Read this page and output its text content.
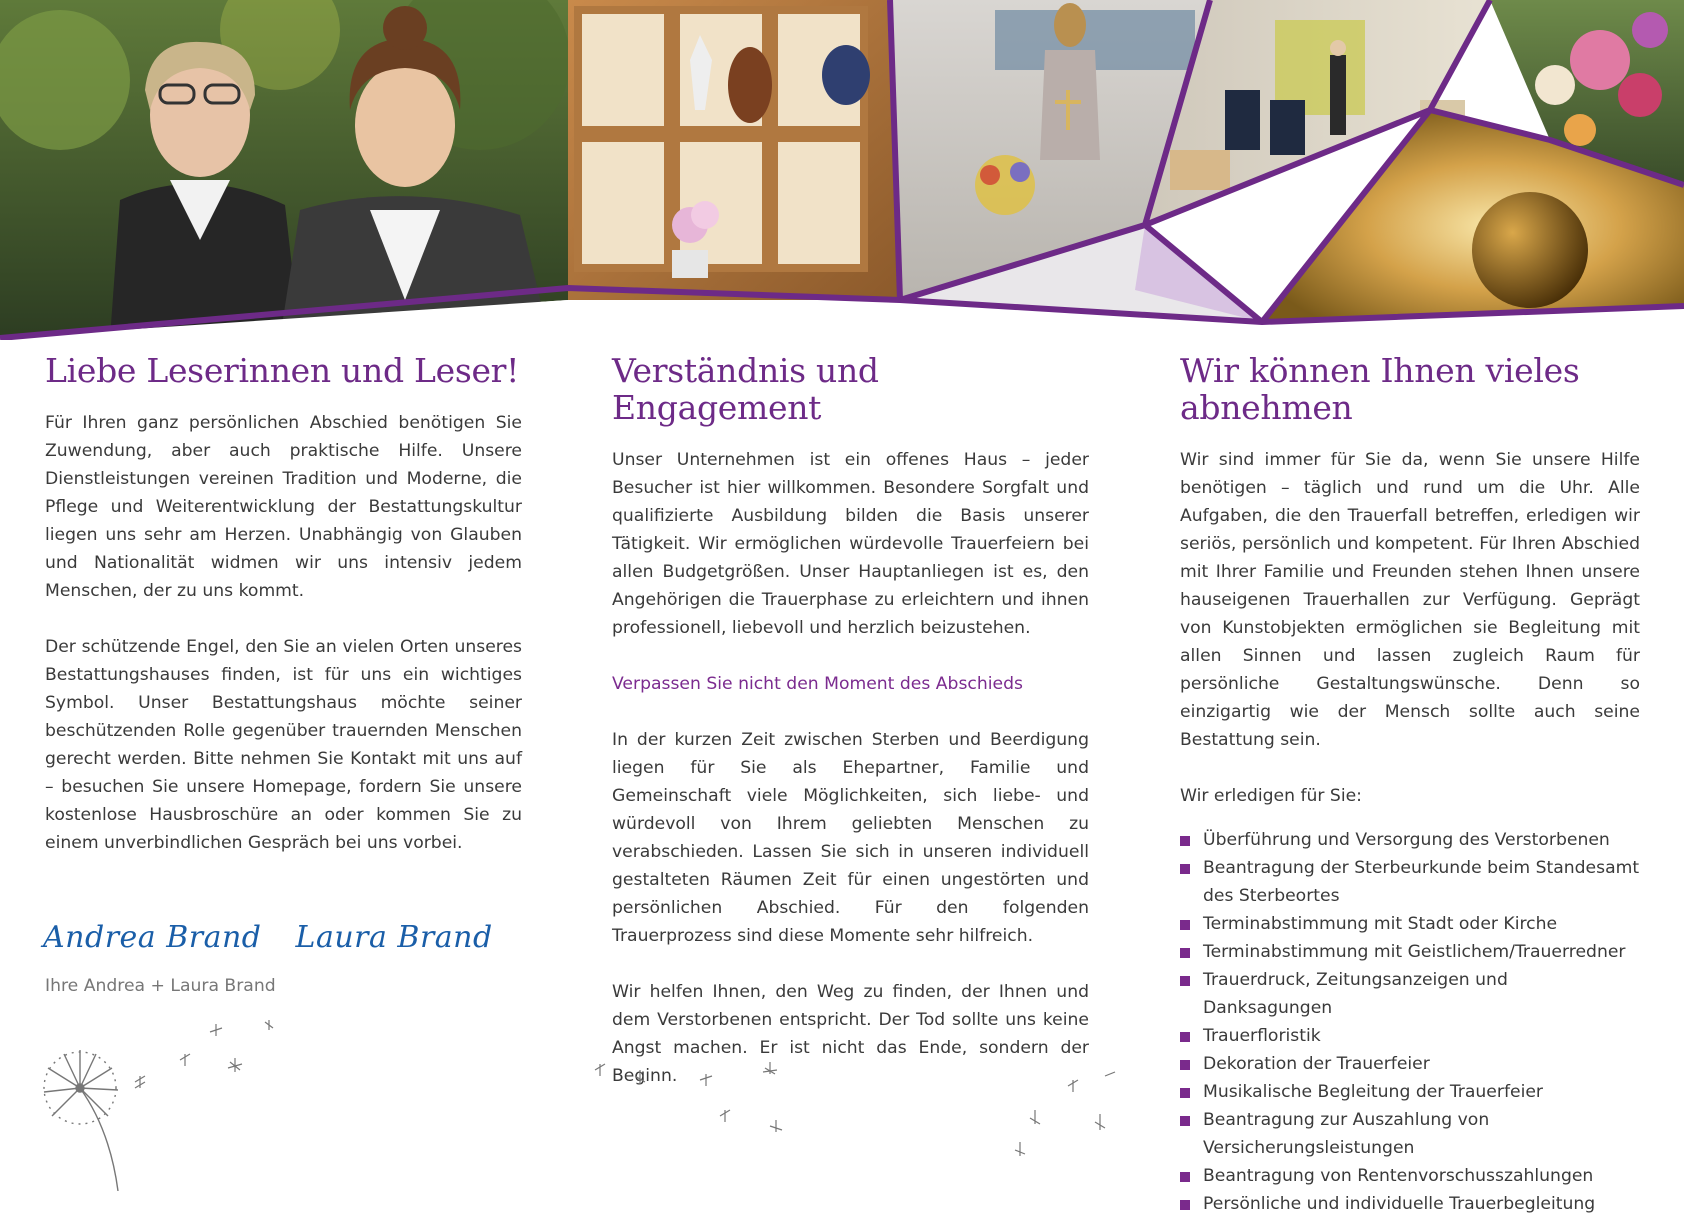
Liebe Leserinnen und Leser!

Für Ihren ganz persönlichen Abschied benötigen Sie Zuwendung, aber auch praktische Hilfe. Unsere Dienstleistungen vereinen Tradition und Moderne, die Pflege und Weiterentwicklung der Bestattungskultur liegen uns sehr am Herzen. Unabhängig von Glauben und Nationalität widmen wir uns intensiv jedem Menschen, der zu uns kommt.

Der schützende Engel, den Sie an vielen Orten unseres Bestattungshauses finden, ist für uns ein wichtiges Symbol. Unser Bestattungshaus möchte seiner beschützenden Rolle gegenüber trauernden Menschen gerecht werden. Bitte nehmen Sie Kontakt mit uns auf – besuchen Sie unsere Homepage, fordern Sie unsere kostenlose Hausbroschüre an oder kommen Sie zu einem unverbindlichen Gespräch bei uns vorbei.

Andrea Brand Laura Brand
Ihre Andrea + Laura Brand
Verständnis und Engagement

Unser Unternehmen ist ein offenes Haus – jeder Besucher ist hier willkommen. Besondere Sorgfalt und qualifizierte Ausbildung bilden die Basis unserer Tätigkeit. Wir ermöglichen würdevolle Trauerfeiern bei allen Budgetgrößen. Unser Hauptanliegen ist es, den Angehörigen die Trauerphase zu erleichtern und ihnen professionell, liebevoll und herzlich beizustehen.

Verpassen Sie nicht den Moment des Abschieds

In der kurzen Zeit zwischen Sterben und Beerdigung liegen für Sie als Ehepartner, Familie und Gemeinschaft viele Möglichkeiten, sich liebe- und würdevoll von Ihrem geliebten Menschen zu verabschieden. Lassen Sie sich in unseren individuell gestalteten Räumen Zeit für einen ungestörten und persönlichen Abschied. Für den folgenden Trauerprozess sind diese Momente sehr hilfreich.

Wir helfen Ihnen, den Weg zu finden, der Ihnen und dem Verstorbenen entspricht. Der Tod sollte uns keine Angst machen. Er ist nicht das Ende, sondern der Beginn.

Wir können Ihnen vieles abnehmen

Wir sind immer für Sie da, wenn Sie unsere Hilfe benötigen – täglich und rund um die Uhr. Alle Aufgaben, die den Trauerfall betreffen, erledigen wir seriös, persönlich und kompetent. Für Ihren Abschied mit Ihrer Familie und Freunden stehen Ihnen unsere hauseigenen Trauerhallen zur Verfügung. Geprägt von Kunstobjekten ermöglichen sie Begleitung mit allen Sinnen und lassen zugleich Raum für persönliche Gestaltungswünsche. Denn so einzigartig wie der Mensch sollte auch seine Bestattung sein.

Wir erledigen für Sie:

Überführung und Versorgung des Verstorbenen
Beantragung der Sterbeurkunde beim Standesamt des Sterbeortes
Terminabstimmung mit Stadt oder Kirche
Terminabstimmung mit Geistlichem/Trauerredner
Trauerdruck, Zeitungsanzeigen und Danksagungen
Trauerfloristik
Dekoration der Trauerfeier
Musikalische Begleitung der Trauerfeier
Beantragung zur Auszahlung von Versicherungsleistungen
Beantragung von Rentenvorschusszahlungen
Persönliche und individuelle Trauerbegleitung
